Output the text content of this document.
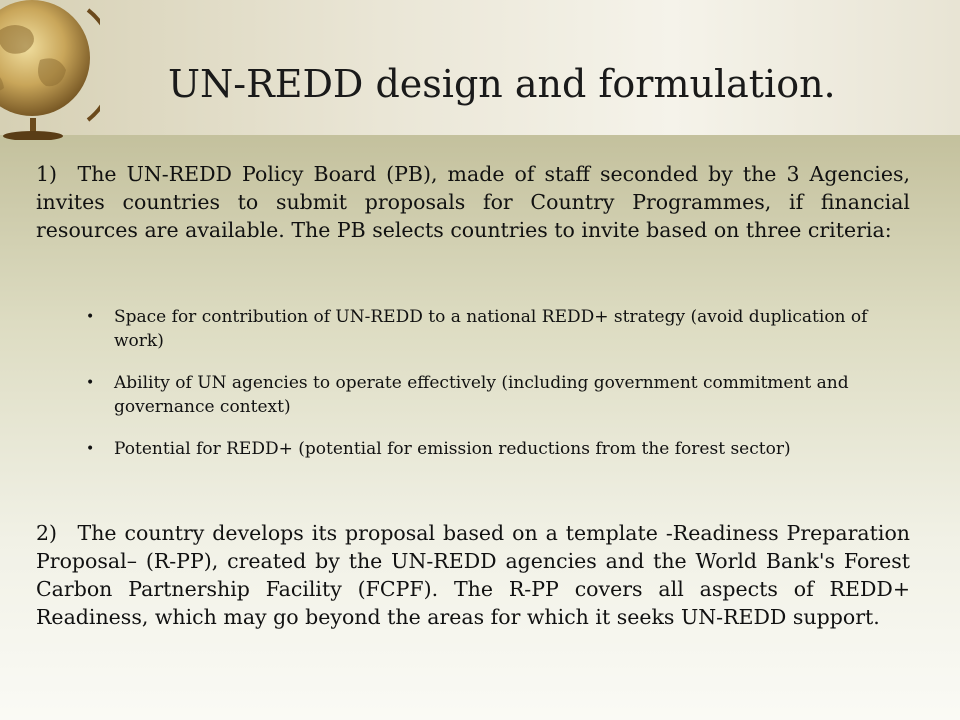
UN-REDD design and formulation.

1) The UN-REDD Policy Board (PB), made of staff seconded by the 3 Agencies, invites countries to submit proposals for Country Programmes, if financial resources are available. The PB selects countries to invite based on three criteria:

• Space for contribution of UN-REDD to a national REDD+ strategy (avoid duplication of work)
• Ability of UN agencies to operate effectively (including government commitment and governance context)
• Potential for REDD+ (potential for emission reductions from the forest sector)

2) The country develops its proposal based on a template -Readiness Preparation Proposal– (R-PP), created by the UN-REDD agencies and the World Bank's Forest Carbon Partnership Facility (FCPF). The R-PP covers all aspects of REDD+ Readiness, which may go beyond the areas for which it seeks UN-REDD support.
